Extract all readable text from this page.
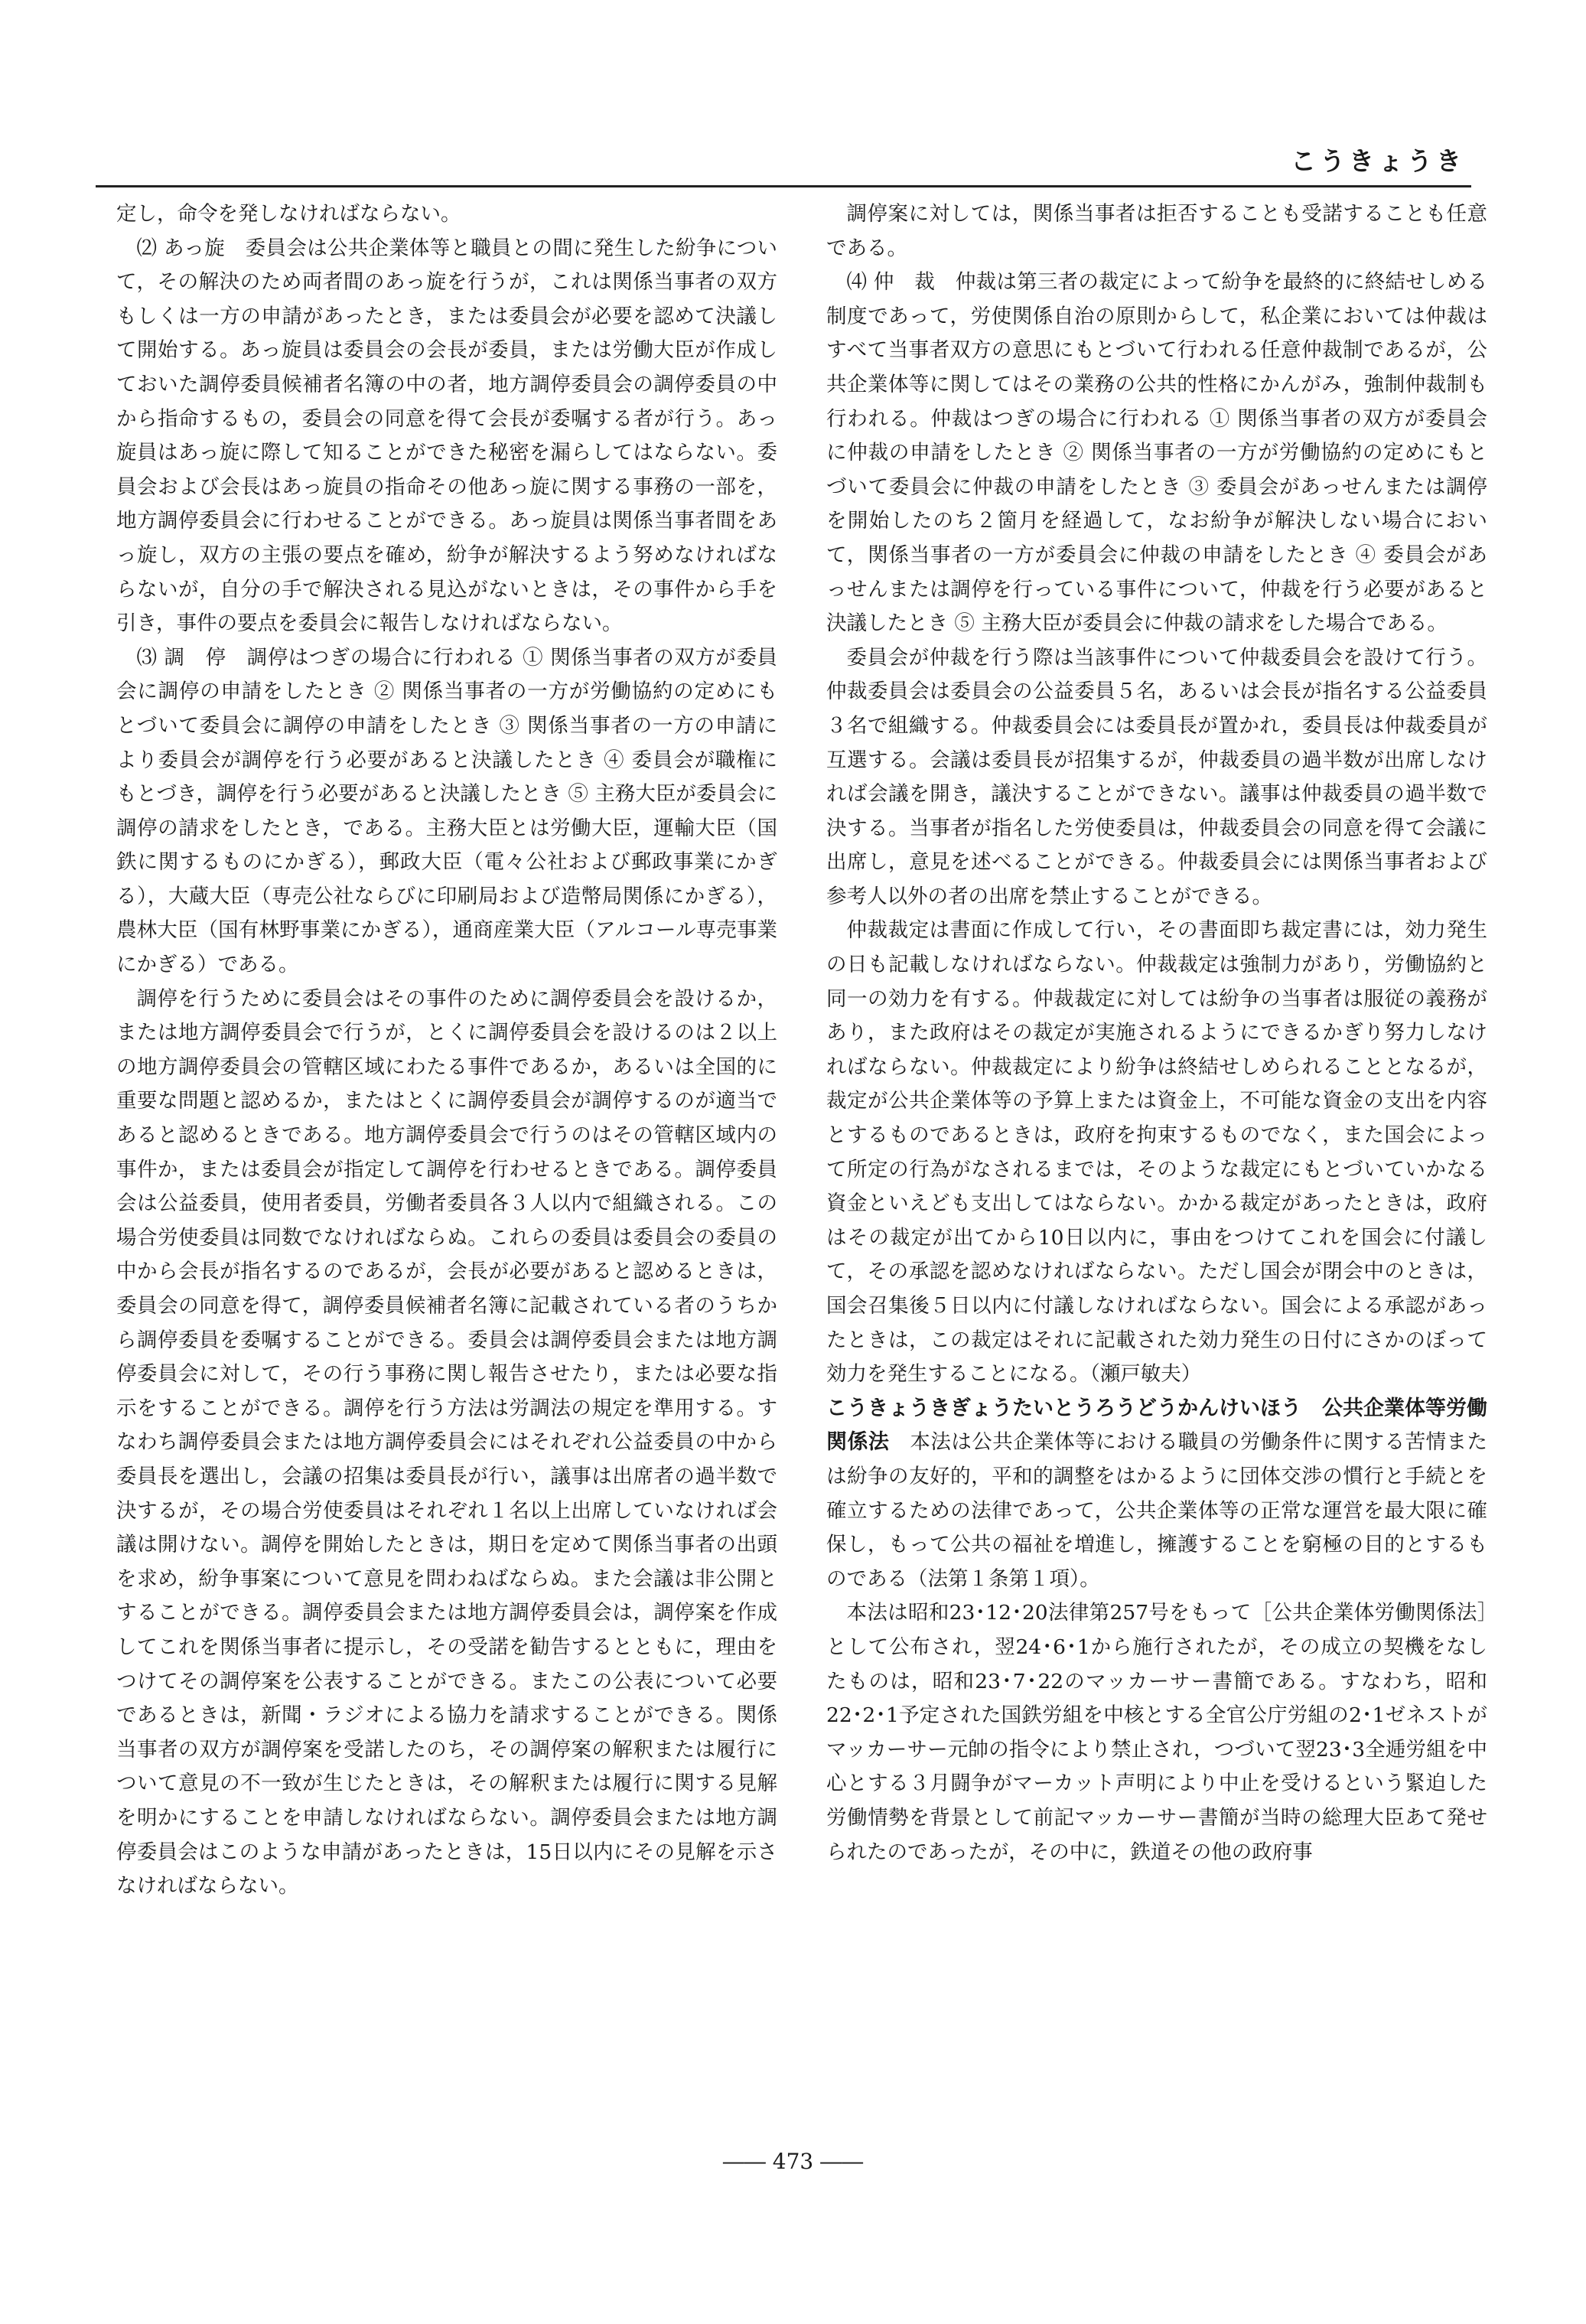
こうきょうき

定し，命令を発しなければならない。

⑵ あっ旋　委員会は公共企業体等と職員との間に発生した紛争について，その解決のため両者間のあっ旋を行うが，これは関係当事者の双方もしくは一方の申請があったとき，または委員会が必要を認めて決議して開始する。あっ旋員は委員会の会長が委員，または労働大臣が作成しておいた調停委員候補者名簿の中の者，地方調停委員会の調停委員の中から指命するもの，委員会の同意を得て会長が委嘱する者が行う。あっ旋員はあっ旋に際して知ることができた秘密を漏らしてはならない。委員会および会長はあっ旋員の指命その他あっ旋に関する事務の一部を，地方調停委員会に行わせることができる。あっ旋員は関係当事者間をあっ旋し，双方の主張の要点を確め，紛争が解決するよう努めなければならないが，自分の手で解決される見込がないときは，その事件から手を引き，事件の要点を委員会に報告しなければならない。

⑶ 調　停　調停はつぎの場合に行われる ① 関係当事者の双方が委員会に調停の申請をしたとき ② 関係当事者の一方が労働協約の定めにもとづいて委員会に調停の申請をしたとき ③ 関係当事者の一方の申請により委員会が調停を行う必要があると決議したとき ④ 委員会が職権にもとづき，調停を行う必要があると決議したとき ⑤ 主務大臣が委員会に調停の請求をしたとき，である。主務大臣とは労働大臣，運輸大臣（国鉄に関するものにかぎる），郵政大臣（電々公社および郵政事業にかぎる），大蔵大臣（専売公社ならびに印刷局および造幣局関係にかぎる），農林大臣（国有林野事業にかぎる），通商産業大臣（アルコール専売事業にかぎる）である。

調停を行うために委員会はその事件のために調停委員会を設けるか，または地方調停委員会で行うが，とくに調停委員会を設けるのは２以上の地方調停委員会の管轄区域にわたる事件であるか，あるいは全国的に重要な問題と認めるか，またはとくに調停委員会が調停するのが適当であると認めるときである。地方調停委員会で行うのはその管轄区域内の事件か，または委員会が指定して調停を行わせるときである。調停委員会は公益委員，使用者委員，労働者委員各３人以内で組織される。この場合労使委員は同数でなければならぬ。これらの委員は委員会の委員の中から会長が指名するのであるが，会長が必要があると認めるときは，委員会の同意を得て，調停委員候補者名簿に記載されている者のうちから調停委員を委嘱することができる。委員会は調停委員会または地方調停委員会に対して，その行う事務に関し報告させたり，または必要な指示をすることができる。調停を行う方法は労調法の規定を準用する。すなわち調停委員会または地方調停委員会にはそれぞれ公益委員の中から委員長を選出し，会議の招集は委員長が行い，議事は出席者の過半数で決するが，その場合労使委員はそれぞれ１名以上出席していなければ会議は開けない。調停を開始したときは，期日を定めて関係当事者の出頭を求め，紛争事案について意見を問わねばならぬ。また会議は非公開とすることができる。調停委員会または地方調停委員会は，調停案を作成してこれを関係当事者に提示し，その受諾を勧告するとともに，理由をつけてその調停案を公表することができる。またこの公表について必要であるときは，新聞・ラジオによる協力を請求することができる。関係当事者の双方が調停案を受諾したのち，その調停案の解釈または履行について意見の不一致が生じたときは，その解釈または履行に関する見解を明かにすることを申請しなければならない。調停委員会または地方調停委員会はこのような申請があったときは，15日以内にその見解を示さなければならない。

調停案に対しては，関係当事者は拒否することも受諾することも任意である。

⑷ 仲　裁　仲裁は第三者の裁定によって紛争を最終的に終結せしめる制度であって，労使関係自治の原則からして，私企業においては仲裁はすべて当事者双方の意思にもとづいて行われる任意仲裁制であるが，公共企業体等に関してはその業務の公共的性格にかんがみ，強制仲裁制も行われる。仲裁はつぎの場合に行われる ① 関係当事者の双方が委員会に仲裁の申請をしたとき ② 関係当事者の一方が労働協約の定めにもとづいて委員会に仲裁の申請をしたとき ③ 委員会があっせんまたは調停を開始したのち２箇月を経過して，なお紛争が解決しない場合において，関係当事者の一方が委員会に仲裁の申請をしたとき ④ 委員会があっせんまたは調停を行っている事件について，仲裁を行う必要があると決議したとき ⑤ 主務大臣が委員会に仲裁の請求をした場合である。

委員会が仲裁を行う際は当該事件について仲裁委員会を設けて行う。仲裁委員会は委員会の公益委員５名，あるいは会長が指名する公益委員３名で組織する。仲裁委員会には委員長が置かれ，委員長は仲裁委員が互選する。会議は委員長が招集するが，仲裁委員の過半数が出席しなければ会議を開き，議決することができない。議事は仲裁委員の過半数で決する。当事者が指名した労使委員は，仲裁委員会の同意を得て会議に出席し，意見を述べることができる。仲裁委員会には関係当事者および参考人以外の者の出席を禁止することができる。

仲裁裁定は書面に作成して行い，その書面即ち裁定書には，効力発生の日も記載しなければならない。仲裁裁定は強制力があり，労働協約と同一の効力を有する。仲裁裁定に対しては紛争の当事者は服従の義務があり，また政府はその裁定が実施されるようにできるかぎり努力しなければならない。仲裁裁定により紛争は終結せしめられることとなるが，裁定が公共企業体等の予算上または資金上，不可能な資金の支出を内容とするものであるときは，政府を拘束するものでなく，また国会によって所定の行為がなされるまでは，そのような裁定にもとづいていかなる資金といえども支出してはならない。かかる裁定があったときは，政府はその裁定が出てから10日以内に，事由をつけてこれを国会に付議して，その承認を認めなければならない。ただし国会が閉会中のときは，国会召集後５日以内に付議しなければならない。国会による承認があったときは，この裁定はそれに記載された効力発生の日付にさかのぼって効力を発生することになる。（瀬戸敏夫）

こうきょうきぎょうたいとうろうどうかんけいほう　公共企業体等労働関係法　 本法は公共企業体等における職員の労働条件に関する苦情または紛争の友好的，平和的調整をはかるように団体交渉の慣行と手続とを確立するための法律であって，公共企業体等の正常な運営を最大限に確保し，もって公共の福祉を増進し，擁護することを窮極の目的とするものである（法第１条第１項）。

本法は昭和23･12･20法律第257号をもって［公共企業体労働関係法］として公布され，翌24･6･1から施行されたが，その成立の契機をなしたものは，昭和23･7･22のマッカーサー書簡である。すなわち，昭和22･2･1予定された国鉄労組を中核とする全官公庁労組の2･1ゼネストがマッカーサー元帥の指令により禁止され，つづいて翌23･3全逓労組を中心とする３月闘争がマーカット声明により中止を受けるという緊迫した労働情勢を背景として前記マッカーサー書簡が当時の総理大臣あて発せられたのであったが，その中に，鉄道その他の政府事

―― 473 ――
